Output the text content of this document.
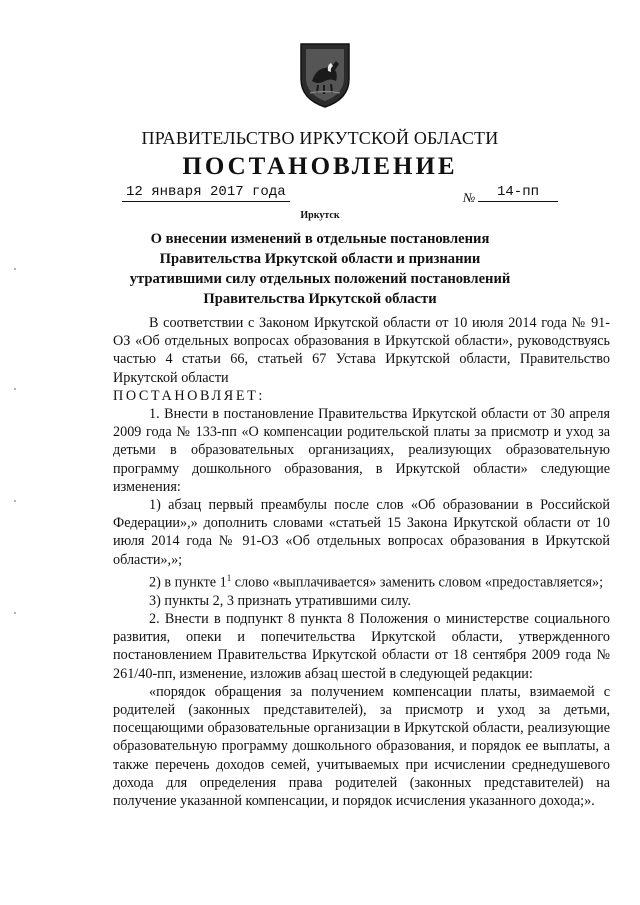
ПРАВИТЕЛЬСТВО ИРКУТСКОЙ ОБЛАСТИ
ПОСТАНОВЛЕНИЕ
12 января 2017 года	№	14-пп
Иркутск
О внесении изменений в отдельные постановления Правительства Иркутской области и признании утратившими силу отдельных положений постановлений Правительства Иркутской области

В соответствии с Законом Иркутской области от 10 июля 2014 года № 91-ОЗ «Об отдельных вопросах образования в Иркутской области», руководствуясь частью 4 статьи 66, статьей 67 Устава Иркутской области, Правительство Иркутской области

ПОСТАНОВЛЯЕТ:

1. Внести в постановление Правительства Иркутской области от 30 апреля 2009 года № 133-пп «О компенсации родительской платы за присмотр и уход за детьми в образовательных организациях, реализующих образовательную программу дошкольного образования, в Иркутской области» следующие изменения:

1) абзац первый преамбулы после слов «Об образовании в Российской Федерации»,» дополнить словами «статьей 15 Закона Иркутской области от 10 июля 2014 года № 91-ОЗ «Об отдельных вопросах образования в Иркутской области»,»;

2) в пункте $1^1$ слово «выплачивается» заменить словом «предоставляется»;

3) пункты 2, 3 признать утратившими силу.

2. Внести в подпункт 8 пункта 8 Положения о министерстве социального развития, опеки и попечительства Иркутской области, утвержденного постановлением Правительства Иркутской области от 18 сентября 2009 года № 261/40-пп, изменение, изложив абзац шестой в следующей редакции:

«порядок обращения за получением компенсации платы, взимаемой с родителей (законных представителей), за присмотр и уход за детьми, посещающими образовательные организации в Иркутской области, реализующие образовательную программу дошкольного образования, и порядок ее выплаты, а также перечень доходов семей, учитываемых при исчислении среднедушевого дохода для определения права родителей (законных представителей) на получение указанной компенсации, и порядок исчисления указанного дохода;».
